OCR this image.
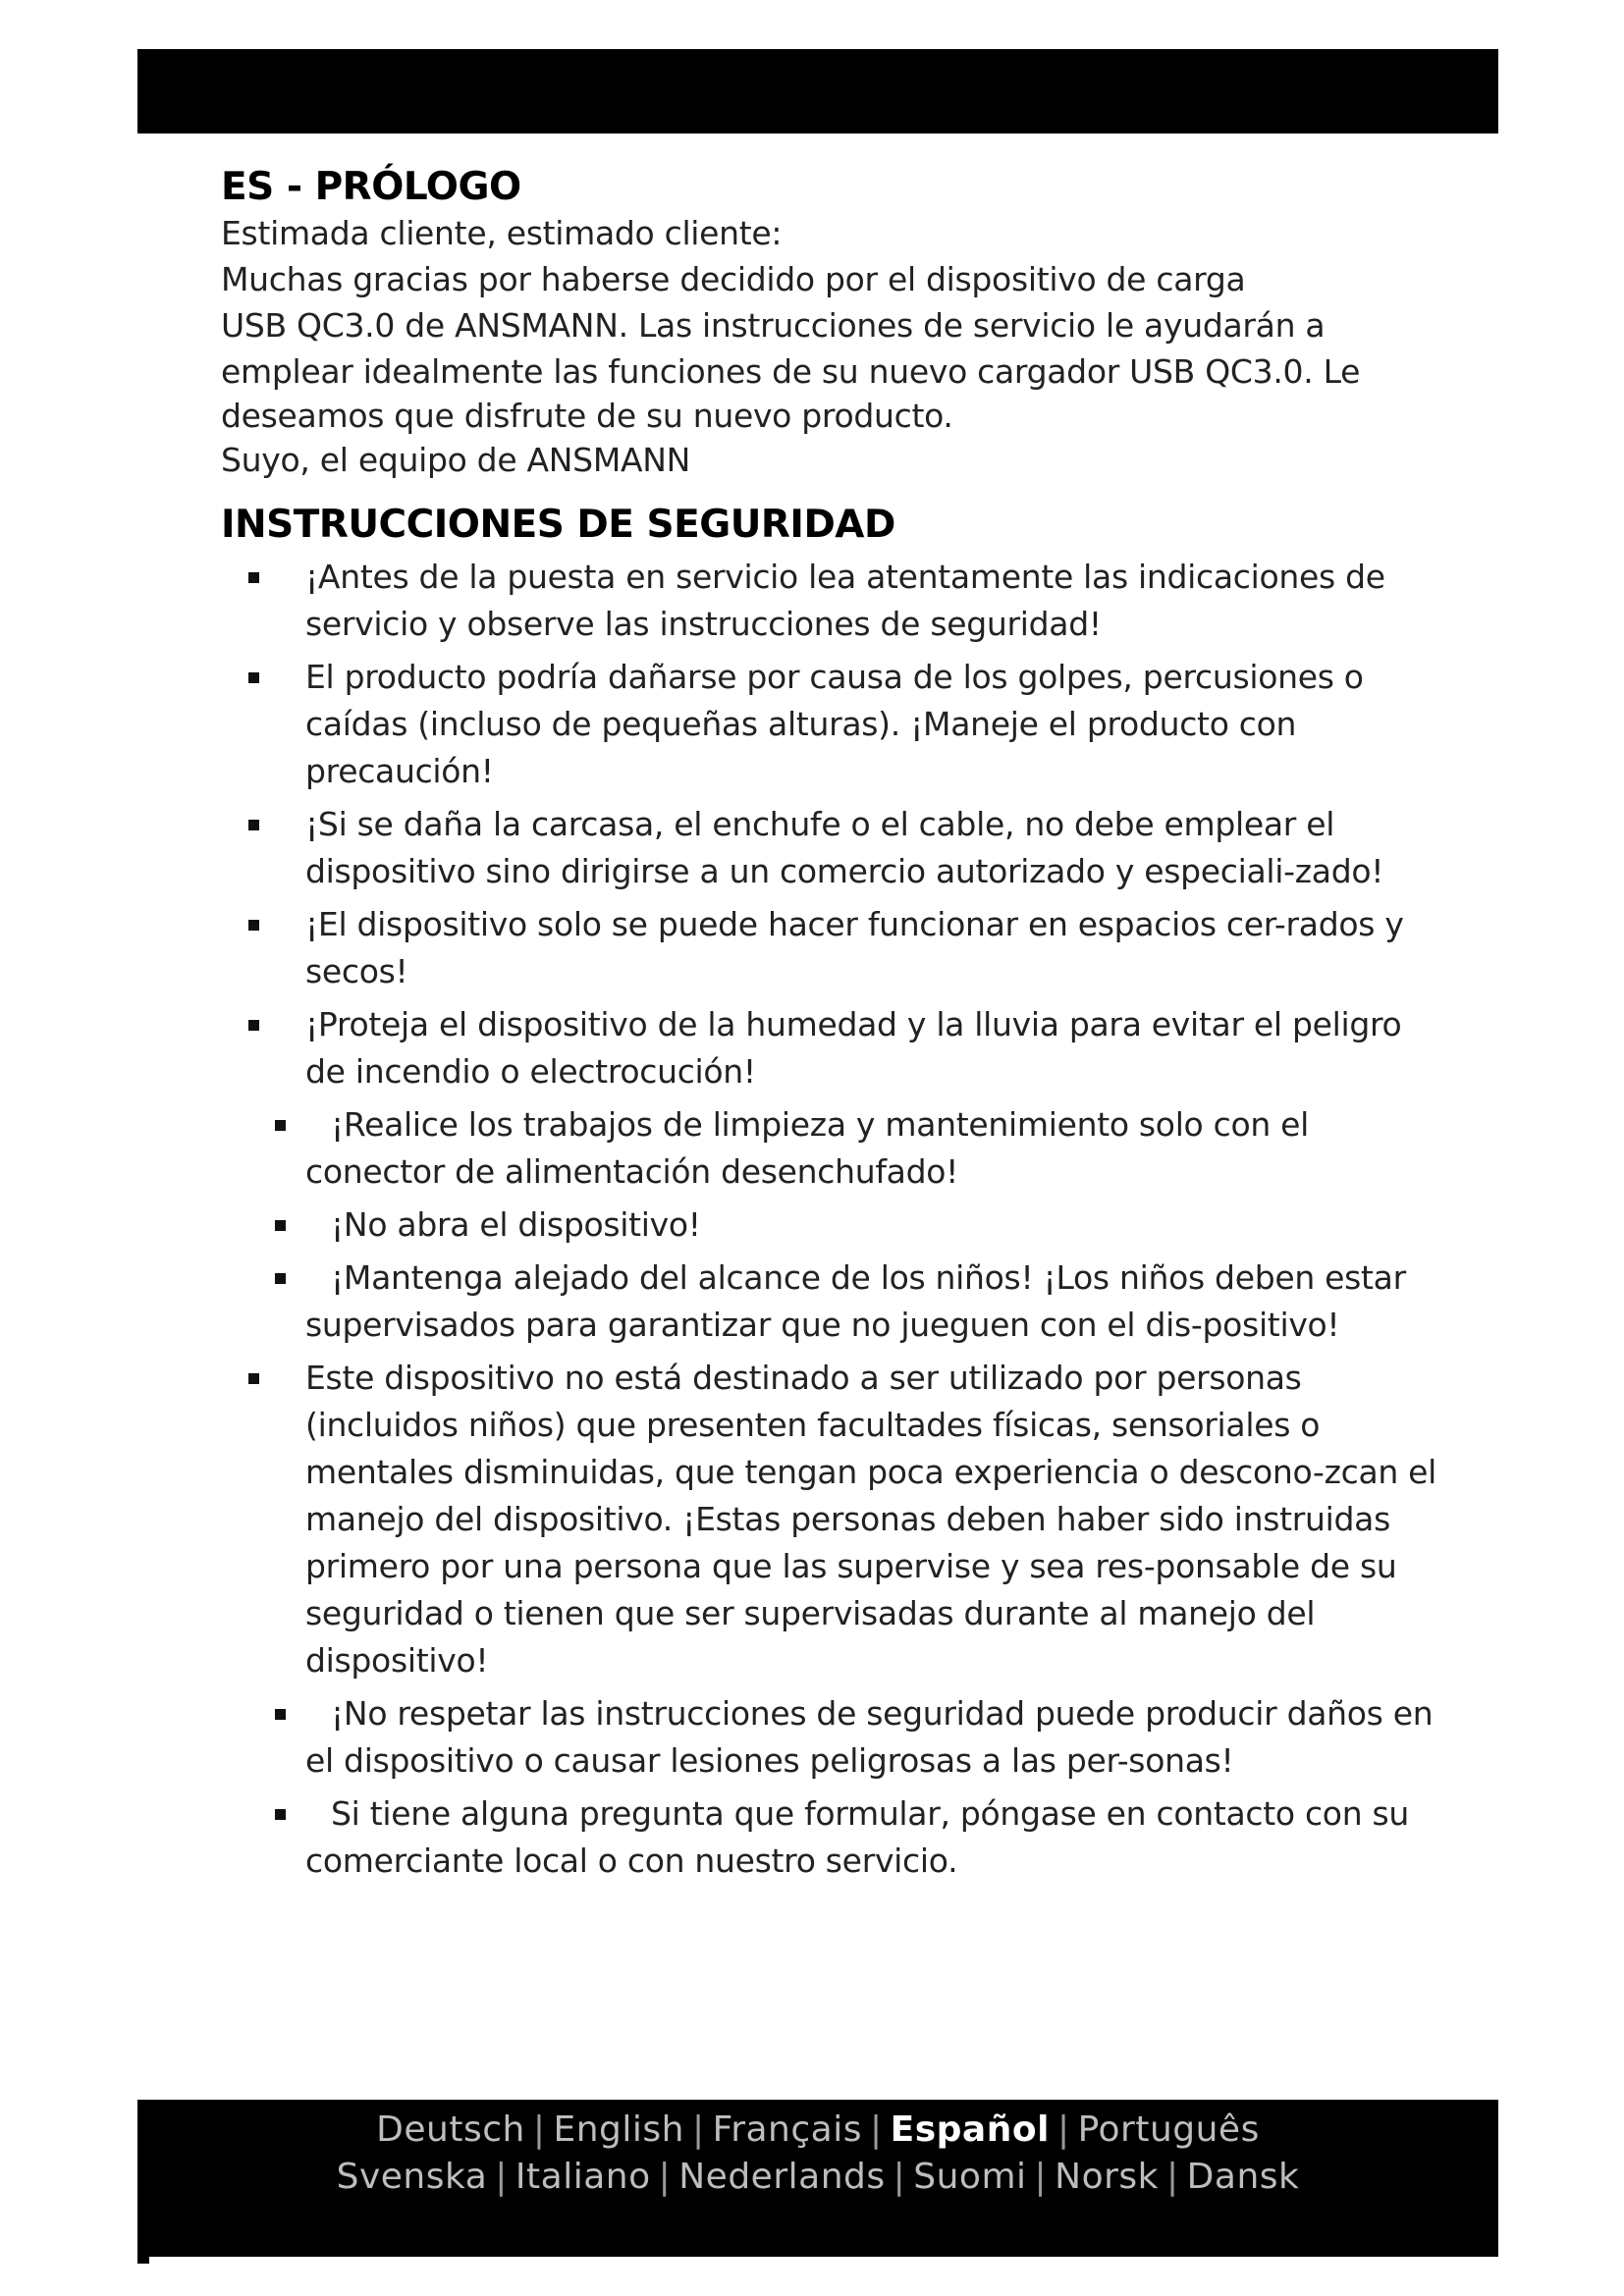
ES - PRÓLOGO

Estimada cliente, estimado cliente:

Muchas gracias por haberse decidido por el dispositivo de carga

USB QC3.0 de ANSMANN. Las instrucciones de servicio le ayudarán a

emplear idealmente las funciones de su nuevo cargador USB QC3.0. Le

deseamos que disfrute de su nuevo producto.

Suyo, el equipo de ANSMANN

INSTRUCCIONES DE SEGURIDAD
¡Antes de la puesta en servicio lea atentamente las indicaciones de servicio y observe las instrucciones de seguridad!
El producto podría dañarse por causa de los golpes, percusiones o caídas (incluso de pequeñas alturas). ¡Maneje el producto con precaución!
¡Si se daña la carcasa, el enchufe o el cable, no debe emplear el dispositivo sino dirigirse a un comercio autorizado y especiali-zado!
¡El dispositivo solo se puede hacer funcionar en espacios cer-rados y secos!
¡Proteja el dispositivo de la humedad y la lluvia para evitar el peligro de incendio o electrocución!
¡Realice los trabajos de limpieza y mantenimiento solo con el conector de alimentación desenchufado!
¡No abra el dispositivo!
¡Mantenga alejado del alcance de los niños! ¡Los niños deben estar supervisados para garantizar que no jueguen con el dis-positivo!
Este dispositivo no está destinado a ser utilizado por personas (incluidos niños) que presenten facultades físicas, sensoriales o mentales disminuidas, que tengan poca experiencia o descono-zcan el manejo del dispositivo. ¡Estas personas deben haber sido instruidas primero por una persona que las supervise y sea res-ponsable de su seguridad o tienen que ser supervisadas durante al manejo del dispositivo!
¡No respetar las instrucciones de seguridad puede producir daños en el dispositivo o causar lesiones peligrosas a las per-sonas!
Si tiene alguna pregunta que formular, póngase en contacto con su comerciante local o con nuestro servicio.
Deutsch | English | Français | Español | Português
Svenska | Italiano | Nederlands | Suomi | Norsk | Dansk
